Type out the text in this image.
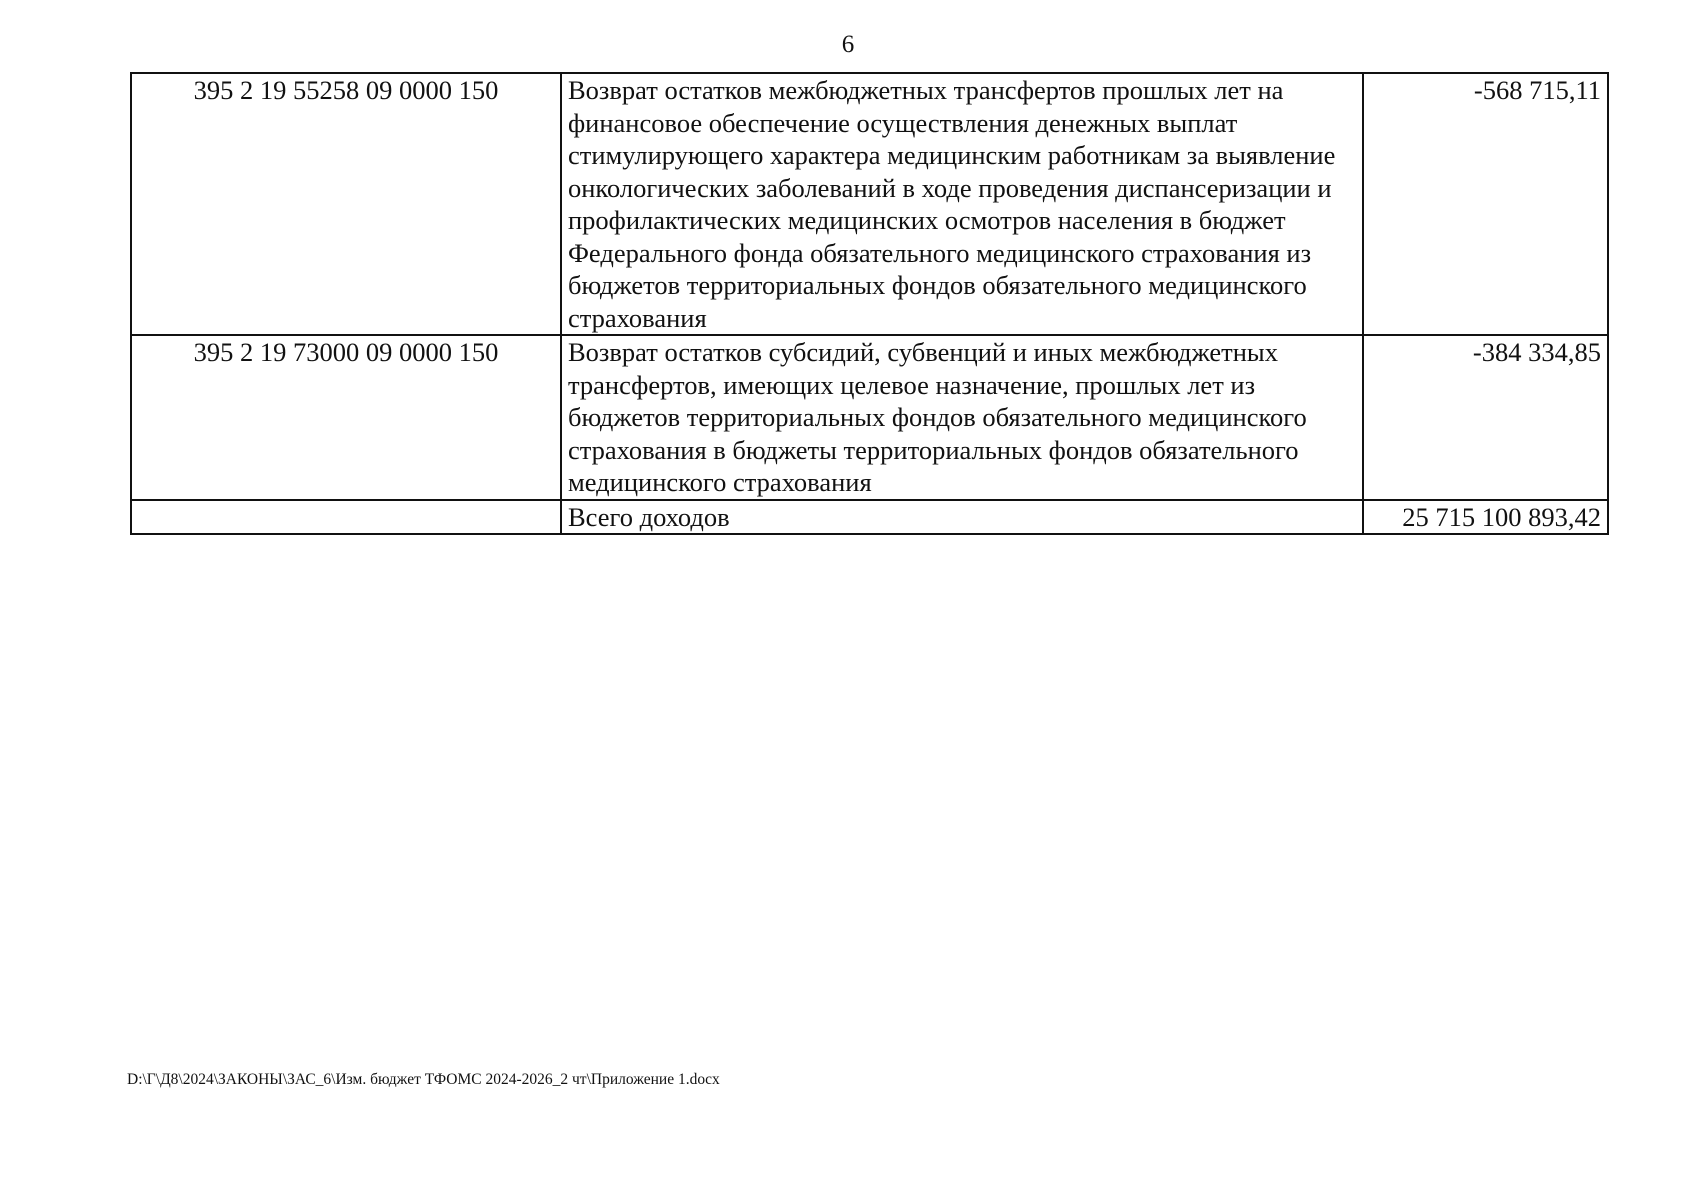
6
395 2 19 55258 09 0000 150	Возврат остатков межбюджетных трансфертов прошлых лет на финансовое обеспечение осуществления денежных выплат стимулирующего характера медицинским работникам за выявление онкологических заболеваний в ходе проведения диспансеризации и профилактических медицинских осмотров населения в бюджет Федерального фонда обязательного медицинского страхования из бюджетов территориальных фондов обязательного медицинского страхования	-568 715,11
395 2 19 73000 09 0000 150	Возврат остатков субсидий, субвенций и иных межбюджетных трансфертов, имеющих целевое назначение, прошлых лет из бюджетов территориальных фондов обязательного медицинского страхования в бюджеты территориальных фондов обязательного медицинского страхования	-384 334,85
	Всего доходов	25 715 100 893,42
D:\Г\Д8\2024\ЗАКОНЫ\ЗАС_6\Изм. бюджет ТФОМС 2024-2026_2 чт\Приложение 1.docx
